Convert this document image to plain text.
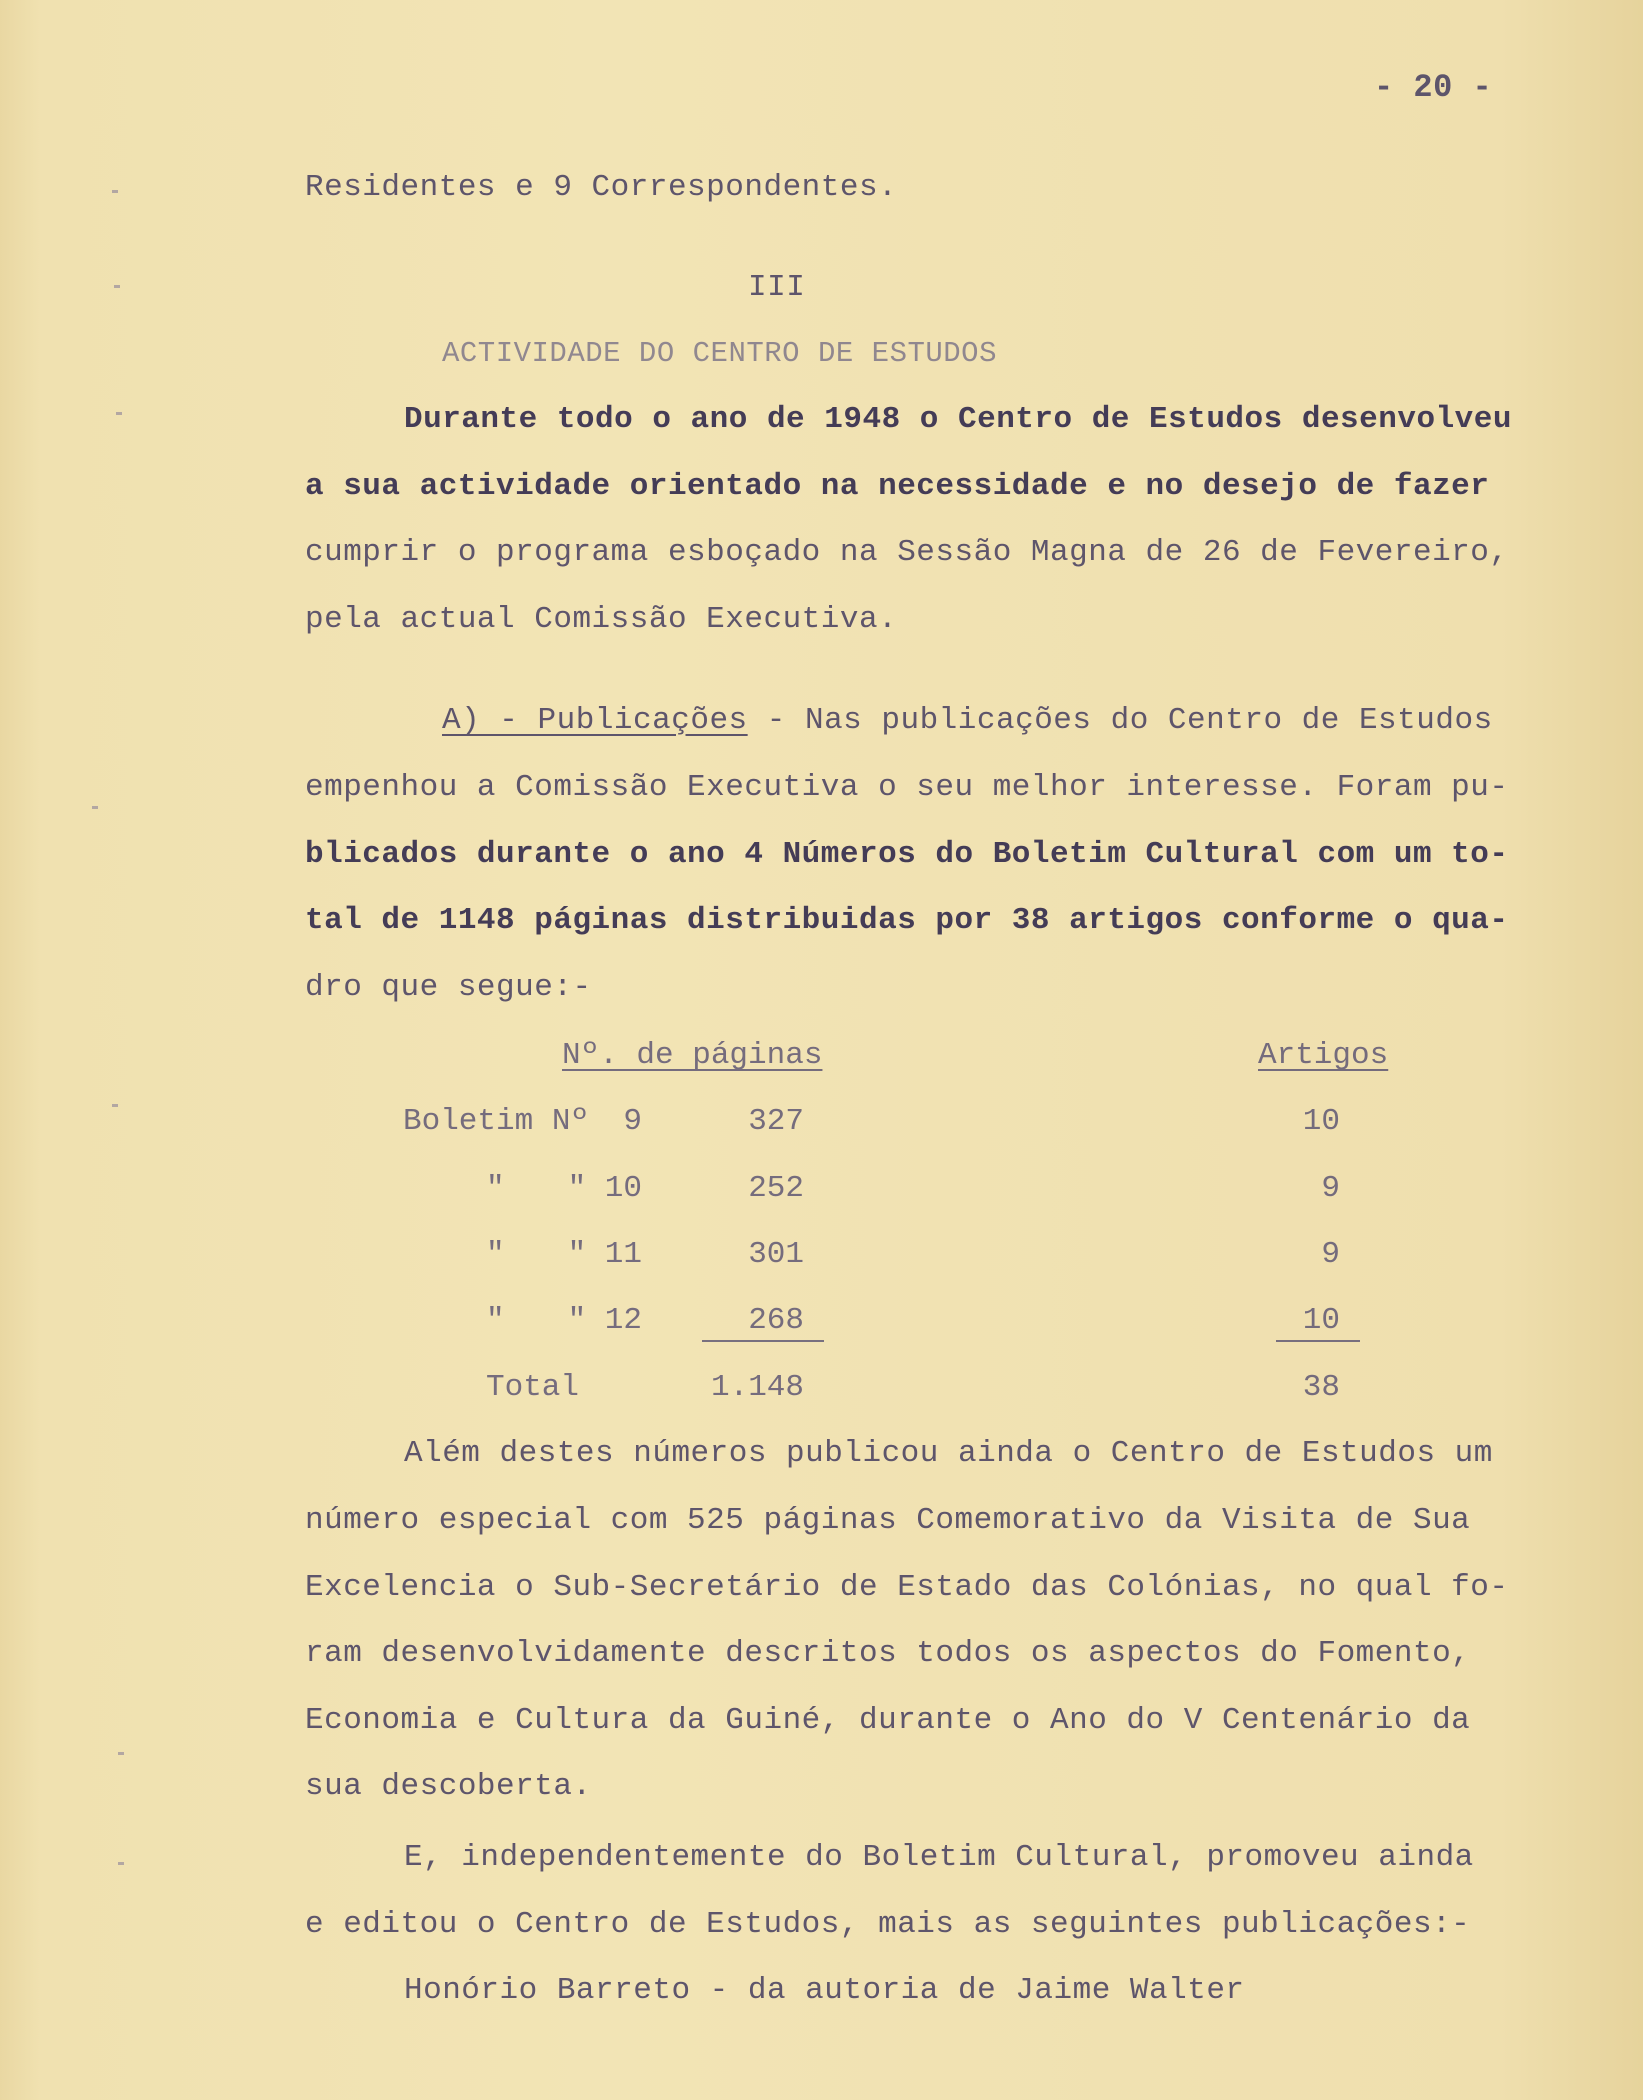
- 20 -
Residentes e 9 Correspondentes.
III
ACTIVIDADE DO CENTRO DE ESTUDOS
Durante todo o ano de 1948 o Centro de Estudos desenvolveu
a sua actividade orientado na necessidade e no desejo de fazer
cumprir o programa esboçado na Sessão Magna de 26 de Fevereiro,
pela actual Comissão Executiva.
A) - Publicações - Nas publicações do Centro de Estudos
empenhou a Comissão Executiva o seu melhor interesse. Foram pu-
blicados durante o ano 4 Números do Boletim Cultural com um to-
tal de 1148 páginas distribuidas por 38 artigos conforme o qua-
dro que segue:-
Nº. de páginas	Artigos
Boletim Nº	9	327	10
"	" 10	252	9
"	" 11	301	9
"	" 12	268	10
Total	1.148	38
Além destes números publicou ainda o Centro de Estudos um
número especial com 525 páginas Comemorativo da Visita de Sua
Excelencia o Sub-Secretário de Estado das Colónias, no qual fo-
ram desenvolvidamente descritos todos os aspectos do Fomento,
Economia e Cultura da Guiné, durante o Ano do V Centenário da
sua descoberta.
E, independentemente do Boletim Cultural, promoveu ainda
e editou o Centro de Estudos, mais as seguintes publicações:-
Honório Barreto - da autoria de Jaime Walter
